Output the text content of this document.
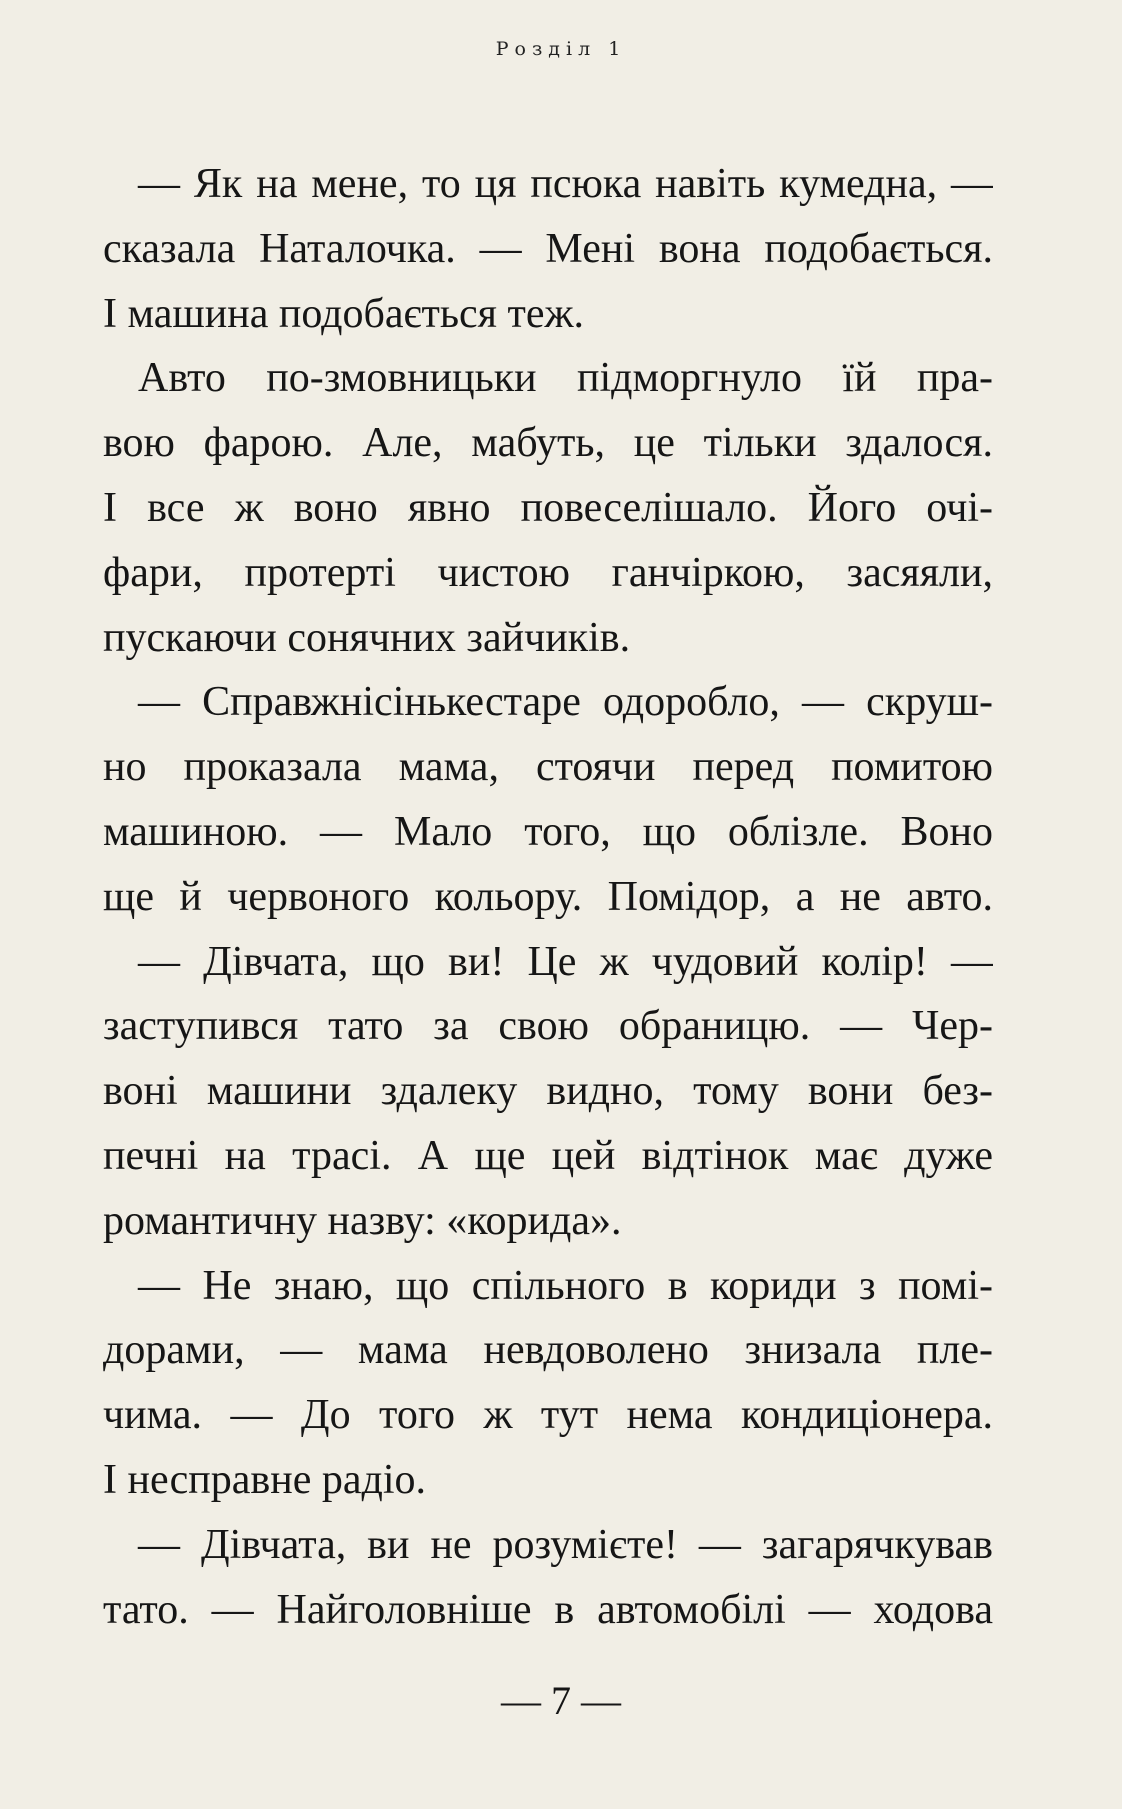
Розділ 1
— Як на мене, то ця псюка навіть кумедна, —
сказала Наталочка. — Мені вона подобається.
І машина подобається теж.
Авто по-змовницьки підморгнуло їй пра-
вою фарою. Але, мабуть, це тільки здалося.
І все ж воно явно повеселішало. Його очі-
фари, протерті чистою ганчіркою, засяяли,
пускаючи сонячних зайчиків.
— Справжнісінькестаре одоробло, — скруш-
но проказала мама, стоячи перед помитою
машиною. — Мало того, що облізле. Воно
ще й червоного кольору. Помідор, а не авто.
— Дівчата, що ви! Це ж чудовий колір! —
заступився тато за свою обраницю. — Чер-
воні машини здалеку видно, тому вони без-
печні на трасі. А ще цей відтінок має дуже
романтичну назву: «корида».
— Не знаю, що спільного в кориди з помі-
дорами, — мама невдоволено знизала пле-
чима. — До того ж тут нема кондиціонера.
І несправне радіо.
— Дівчата, ви не розумієте! — загарячкував
тато. — Найголовніше в автомобілі — ходова
— 7 —
